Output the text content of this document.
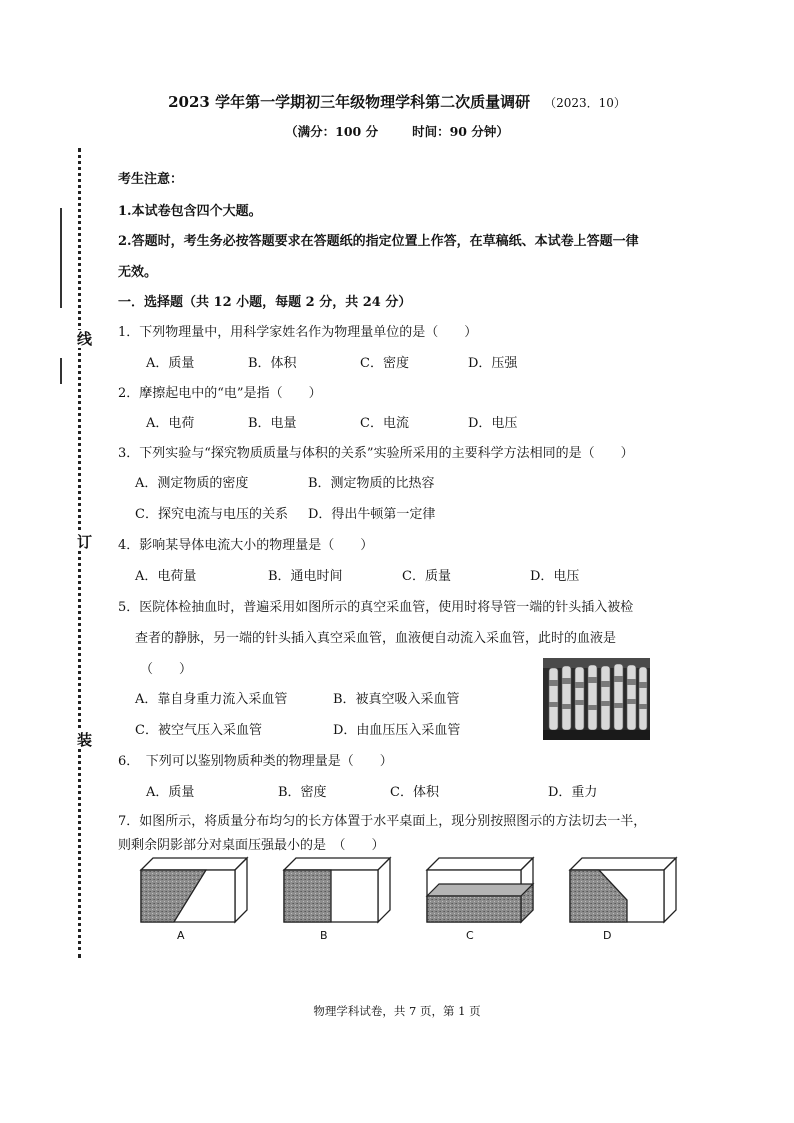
线
订
装
2023 学年第一学期初三年级物理学科第二次质量调研 （2023．10）
（满分：100 分	时间：90 分钟）
考生注意：
1.本试卷包含四个大题。
2.答题时，考生务必按答题要求在答题纸的指定位置上作答，在草稿纸、本试卷上答题一律
无效。
一．选择题（共 12 小题，每题 2 分，共 24 分）
1．下列物理量中，用科学家姓名作为物理量单位的是（　　）
A．质量	B．体积	C．密度	D．压强
2．摩擦起电中的“电”是指（　　）
A．电荷	B．电量	C．电流	D．电压
3．下列实验与“探究物质质量与体积的关系”实验所采用的主要科学方法相同的是（　　）
A．测定物质的密度	B．测定物质的比热容
C．探究电流与电压的关系 D．得出牛顿第一定律
4．影响某导体电流大小的物理量是（　　）
A．电荷量	B．通电时间	C．质量	D．电压
5．医院体检抽血时，普遍采用如图所示的真空采血管，使用时将导管一端的针头插入被检
查者的静脉，另一端的针头插入真空采血管，血液便自动流入采血管，此时的血液是
（　　）
A．靠自身重力流入采血管	B．被真空吸入采血管
C．被空气压入采血管	D．由血压压入采血管
6．　下列可以鉴别物质种类的物理量是（　　）
A．质量	B．密度	C．体积	D．重力
7．如图所示，将质量分布均匀的长方体置于水平桌面上，现分别按照图示的方法切去一半，
则剩余阴影部分对桌面压强最小的是　（　　）
A	B	C	D
物理学科试卷，共 7 页，第 1 页
